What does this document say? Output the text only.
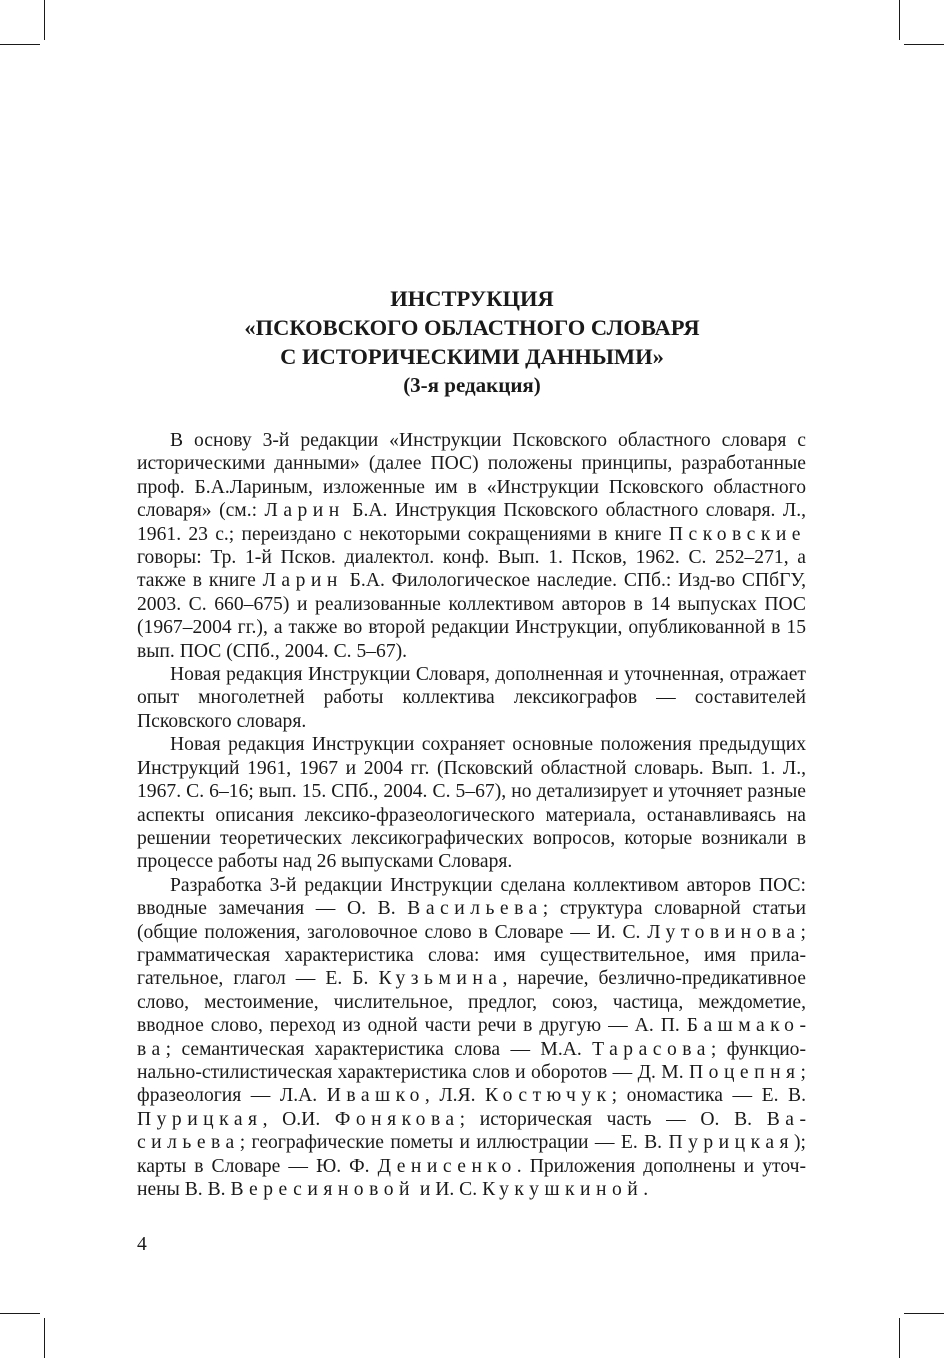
ИНСТРУКЦИЯ
«ПСКОВСКОГО ОБЛАСТНОГО СЛОВАРЯ
С ИСТОРИЧЕСКИМИ ДАННЫМИ»
(3-я редакция)

В основу 3-й редакции «Инструкции Псковского областного словаря с историческими данными» (далее ПОС) положены принципы, разработанные проф. Б.А.Лариным, изложенные им в «Инструкции Псковского областного словаря» (см.: Ларин Б.А. Инструкция Псковского областного словаря. Л., 1961. 23 с.; переиздано с некоторыми сокращениями в книге Псковские говоры: Тр. 1-й Псков. диалектол. конф. Вып. 1. Псков, 1962. С. 252–271, а также в книге Ларин Б.А. Филологическое наследие. СПб.: Изд-во СПбГУ, 2003. С. 660–675) и реализованные коллективом авторов в 14 выпусках ПОС (1967–2004 гг.), а также во второй редакции Инструкции, опубликованной в 15 вып. ПОС (СПб., 2004. С. 5–67).

Новая редакция Инструкции Словаря, дополненная и уточненная, отражает опыт многолетней работы коллектива лексикографов — составителей Псковского словаря.

Новая редакция Инструкции сохраняет основные положения предыдущих Инструкций 1961, 1967 и 2004 гг. (Псковский областной словарь. Вып. 1. Л., 1967. С. 6–16; вып. 15. СПб., 2004. С. 5–67), но детализирует и уточняет разные аспекты описания лексико-фразеологического материала, останавливаясь на решении теоретических лексикографических вопросов, которые возникали в процессе работы над 26 выпусками Словаря.

Разработка 3-й редакции Инструкции сделана коллективом авторов ПОС: вводные замечания — О. В. Васильева; структура словарной статьи (общие положения, заголовочное слово в Словаре — И. С. Лутовинова; грамматическая характеристика слова: имя существительное, имя прилагательное, глагол — Е. Б. Кузьмина, наречие, безлично-предикативное слово, местоимение, числительное, предлог, союз, частица, междометие, вводное слово, переход из одной части речи в другую — А. П. Башмакова; семантическая характеристика слова — М.А. Тарасова; функционально-стилистическая характеристика слов и оборотов — Д. М. Поцепня; фразеология — Л.А. Ивашко, Л.Я. Костючук; ономастика — Е. В. Пурицкая, О.И. Фонякова; историческая часть — О. В. Васильева; географические пометы и иллюстрации — Е. В. Пурицкая); карты в Словаре — Ю. Ф. Денисенко. Приложения дополнены и уточнены В. В. Вересияновой и И. С. Кукушкиной.

4
